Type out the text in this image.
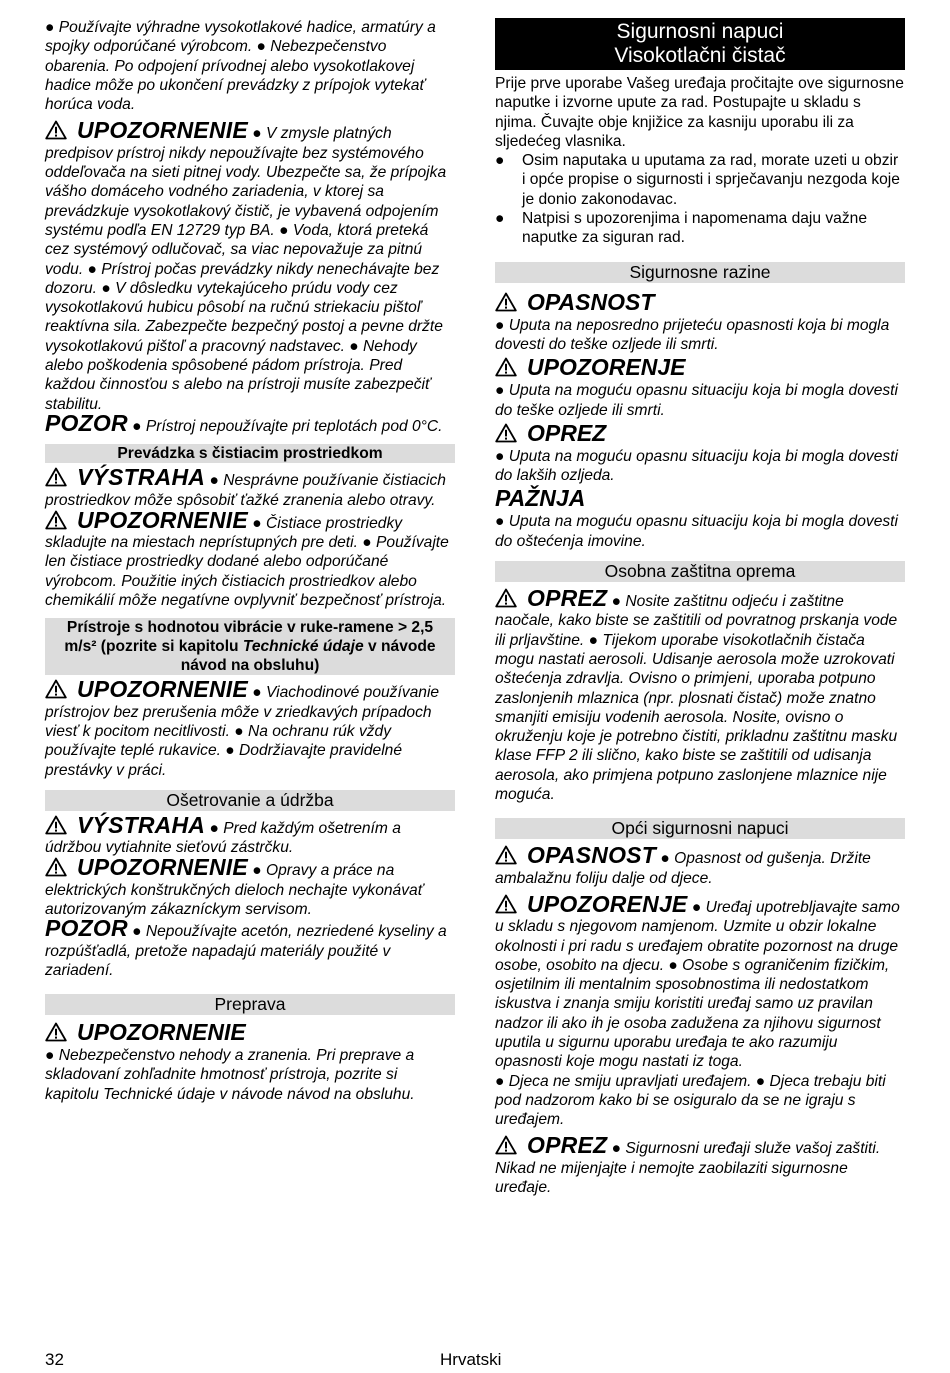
● Používajte výhradne vysokotlakové hadice, armatúry a spojky odporúčané výrobcom. ● Nebezpečenstvo obarenia. Po odpojení prívodnej alebo vysokotlakovej hadice môže po ukončení prevádzky z prípojok vytekať horúca voda.

UPOZORNENIE ● V zmysle platných predpisov prístroj nikdy nepoužívajte bez systémového oddeľovača na sieti pitnej vody. Ubezpečte sa, že prípojka vášho domáceho vodného zariadenia, v ktorej sa prevádzkuje vysokotlakový čistič, je vybavená odpojením systému podľa EN 12729 typ BA. ● Voda, ktorá preteká cez systémový odlučovač, sa viac nepovažuje za pitnú vodu. ● Prístroj počas prevádzky nikdy nenechávajte bez dozoru. ● V dôsledku vytekajúceho prúdu vody cez vysokotlakovú hubicu pôsobí na ručnú striekaciu pištoľ reaktívna sila. Zabezpečte bezpečný postoj a pevne držte vysokotlakovú pištoľ a pracovný nadstavec. ● Nehody alebo poškodenia spôsobené pádom prístroja. Pred každou činnosťou s alebo na prístroji musíte zabezpečiť stabilitu.

POZOR ● Prístroj nepoužívajte pri teplotách pod 0°C.

Prevádzka s čistiacim prostriedkom

VÝSTRAHA ● Nesprávne používanie čistiacich prostriedkov môže spôsobiť ťažké zranenia alebo otravy.

UPOZORNENIE ● Čistiace prostriedky skladujte na miestach neprístupných pre deti. ● Používajte len čistiace prostriedky dodané alebo odporúčané výrobcom. Použitie iných čistiacich prostriedkov alebo chemikálií môže negatívne ovplyvniť bezpečnosť prístroja.

Prístroje s hodnotou vibrácie v ruke-ramene > 2,5 m/s² (pozrite si kapitolu Technické údaje v návode návod na obsluhu)

UPOZORNENIE ● Viachodinové používanie prístrojov bez prerušenia môže v zriedkavých prípadoch viesť k pocitom necitlivosti. ● Na ochranu rúk vždy používajte teplé rukavice. ● Dodržiavajte pravidelné prestávky v práci.

Ošetrovanie a údržba

VÝSTRAHA ● Pred každým ošetrením a údržbou vytiahnite sieťovú zástrčku.

UPOZORNENIE ● Opravy a práce na elektrických konštrukčných dieloch nechajte vykonávať autorizovaným zákazníckym servisom.

POZOR ● Nepoužívajte acetón, nezriedené kyseliny a rozpúšťadlá, pretože napadajú materiály použité v zariadení.

Preprava

UPOZORNENIE

● Nebezpečenstvo nehody a zranenia. Pri preprave a skladovaní zohľadnite hmotnosť prístroja, pozrite si kapitolu Technické údaje v návode návod na obsluhu.

Sigurnosni napuci
Visokotlačni čistač

Prije prve uporabe Vašeg uređaja pročitajte ove sigurnosne naputke i izvorne upute za rad. Postupajte u skladu s njima. Čuvajte obje knjižice za kasniju uporabu ili za sljedećeg vlasnika.

● Osim naputaka u uputama za rad, morate uzeti u obzir i opće propise o sigurnosti i sprječavanju nezgoda koje je donio zakonodavac.
● Natpisi s upozorenjima i napomenama daju važne naputke za siguran rad.
Sigurnosne razine

OPASNOST

● Uputa na neposredno prijeteću opasnosti koja bi mogla dovesti do teške ozljede ili smrti.

UPOZORENJE

● Uputa na moguću opasnu situaciju koja bi mogla dovesti do teške ozljede ili smrti.

OPREZ

● Uputa na moguću opasnu situaciju koja bi mogla dovesti do lakših ozljeda.

PAŽNJA

● Uputa na moguću opasnu situaciju koja bi mogla dovesti do oštećenja imovine.

Osobna zaštitna oprema

OPREZ ● Nosite zaštitnu odjeću i zaštitne naočale, kako biste se zaštitili od povratnog prskanja vode ili prljavštine. ● Tijekom uporabe visokotlačnih čistača mogu nastati aerosoli. Udisanje aerosola može uzrokovati oštećenja zdravlja. Ovisno o primjeni, uporaba potpuno zaslonjenih mlaznica (npr. plosnati čistač) može znatno smanjiti emisiju vodenih aerosola. Nosite, ovisno o okruženju koje je potrebno čistiti, prikladnu zaštitnu masku klase FFP 2 ili slično, kako biste se zaštitili od udisanja aerosola, ako primjena potpuno zaslonjene mlaznice nije moguća.

Opći sigurnosni napuci

OPASNOST ● Opasnost od gušenja. Držite ambalažnu foliju dalje od djece.

UPOZORENJE ● Uređaj upotrebljavajte samo u skladu s njegovom namjenom. Uzmite u obzir lokalne okolnosti i pri radu s uređajem obratite pozornost na druge osobe, osobito na djecu. ● Osobe s ograničenim fizičkim, osjetilnim ili mentalnim sposobnostima ili nedostatkom iskustva i znanja smiju koristiti uređaj samo uz pravilan nadzor ili ako ih je osoba zadužena za njihovu sigurnost uputila u sigurnu uporabu uređaja te ako razumiju opasnosti koje mogu nastati iz toga.

● Djeca ne smiju upravljati uređajem. ● Djeca trebaju biti pod nadzorom kako bi se osiguralo da se ne igraju s uređajem.

OPREZ ● Sigurnosni uređaji služe vašoj zaštiti. Nikad ne mijenjajte i nemojte zaobilaziti sigurnosne uređaje.

32	Hrvatski
